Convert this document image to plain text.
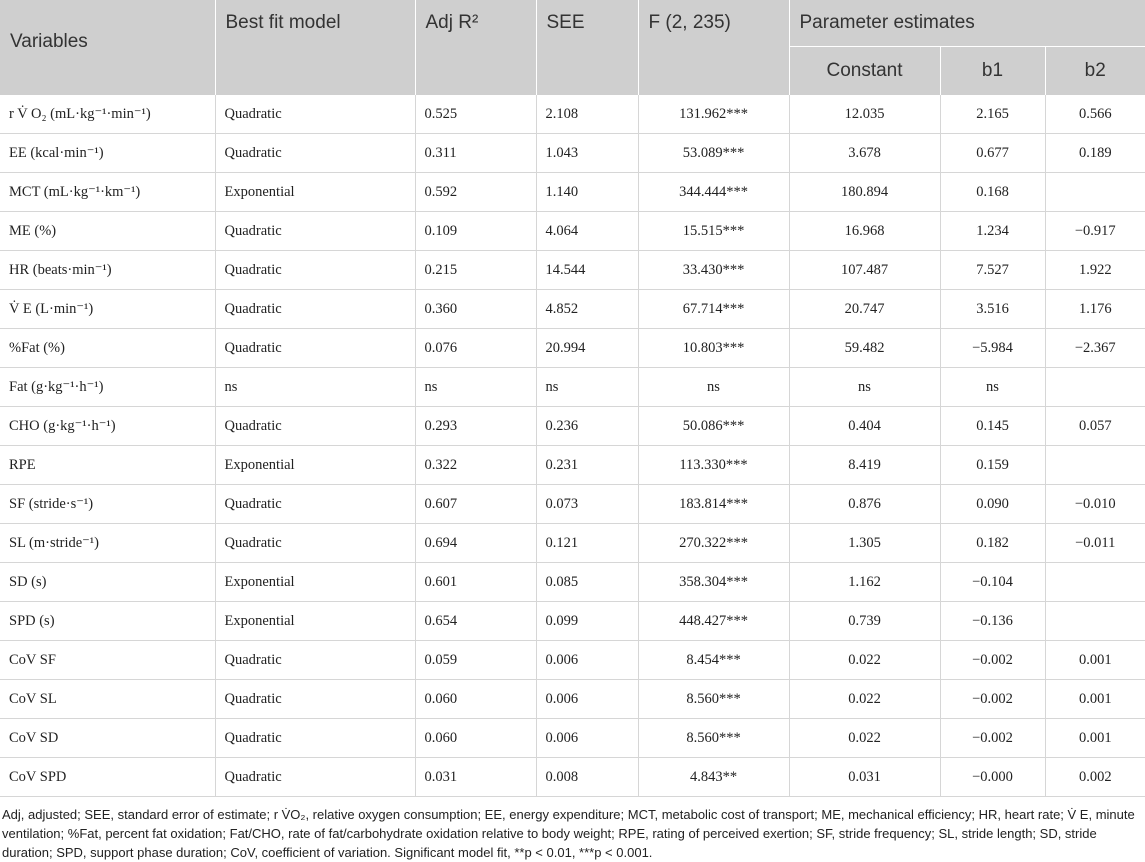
Variables	Best fit model	Adj R²	SEE	F (2, 235)	Parameter estimates		
					Constant	b1	b2
r V̇ O₂ (mL·kg⁻¹·min⁻¹)	Quadratic	0.525	2.108	131.962***	12.035	2.165	0.566
EE (kcal·min⁻¹)	Quadratic	0.311	1.043	53.089***	3.678	0.677	0.189
MCT (mL·kg⁻¹·km⁻¹)	Exponential	0.592	1.140	344.444***	180.894	0.168	
ME (%)	Quadratic	0.109	4.064	15.515***	16.968	1.234	−0.917
HR (beats·min⁻¹)	Quadratic	0.215	14.544	33.430***	107.487	7.527	1.922
V̇ E (L·min⁻¹)	Quadratic	0.360	4.852	67.714***	20.747	3.516	1.176
%Fat (%)	Quadratic	0.076	20.994	10.803***	59.482	−5.984	−2.367
Fat (g·kg⁻¹·h⁻¹)	ns	ns	ns	ns	ns	ns	
CHO (g·kg⁻¹·h⁻¹)	Quadratic	0.293	0.236	50.086***	0.404	0.145	0.057
RPE	Exponential	0.322	0.231	113.330***	8.419	0.159	
SF (stride·s⁻¹)	Quadratic	0.607	0.073	183.814***	0.876	0.090	−0.010
SL (m·stride⁻¹)	Quadratic	0.694	0.121	270.322***	1.305	0.182	−0.011
SD (s)	Exponential	0.601	0.085	358.304***	1.162	−0.104	
SPD (s)	Exponential	0.654	0.099	448.427***	0.739	−0.136	
CoV SF	Quadratic	0.059	0.006	8.454***	0.022	−0.002	0.001
CoV SL	Quadratic	0.060	0.006	8.560***	0.022	−0.002	0.001
CoV SD	Quadratic	0.060	0.006	8.560***	0.022	−0.002	0.001
CoV SPD	Quadratic	0.031	0.008	4.843**	0.031	−0.000	0.002
Adj, adjusted; SEE, standard error of estimate; r V̇O₂, relative oxygen consumption; EE, energy expenditure; MCT, metabolic cost of transport; ME, mechanical efficiency; HR, heart rate; V̇ E, minute ventilation; %Fat, percent fat oxidation; Fat/CHO, rate of fat/carbohydrate oxidation relative to body weight; RPE, rating of perceived exertion; SF, stride frequency; SL, stride length; SD, stride duration; SPD, support phase duration; CoV, coefficient of variation. Significant model fit, **p < 0.01, ***p < 0.001.
